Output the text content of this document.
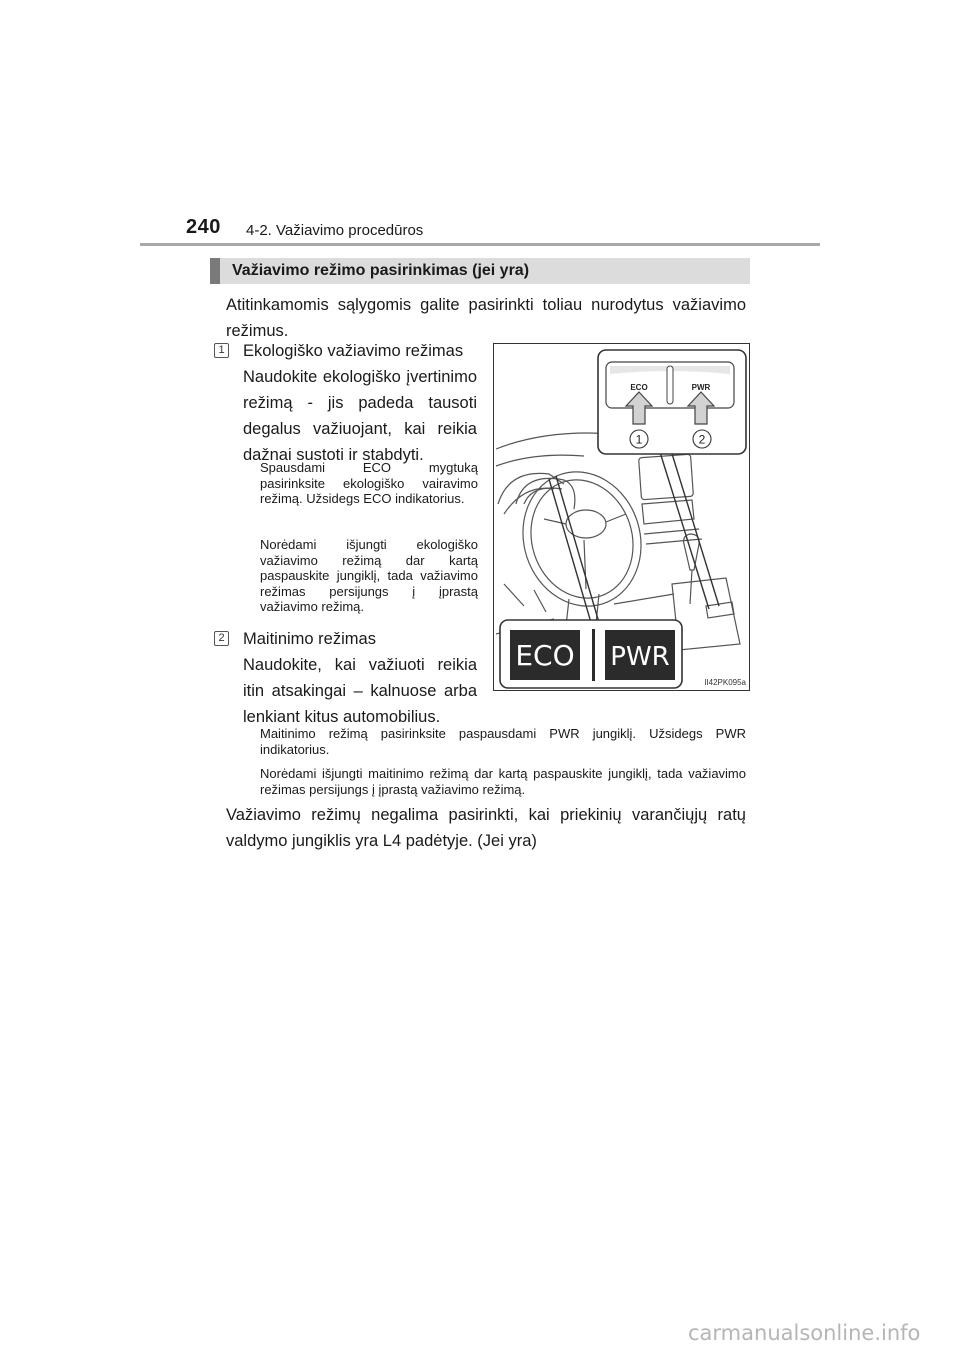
240 4-2. Važiavimo procedūros
Važiavimo režimo pasirinkimas (jei yra)
Atitinkamomis sąlygomis galite pasirinkti toliau nurodytus važiavimo režimus.
1 Ekologiško važiavimo režimas
Naudokite ekologiško įvertinimo režimą - jis padeda tausoti degalus važiuojant, kai reikia dažnai sustoti ir stabdyti.
Spausdami ECO mygtuką pasirinksite ekologiško vairavimo režimą. Užsidegs ECO indikatorius.
Norėdami išjungti ekologiško važiavimo režimą dar kartą paspauskite jungiklį, tada važiavimo režimas persijungs į įprastą važiavimo režimą.
2 Maitinimo režimas
Naudokite, kai važiuoti reikia itin atsakingai – kalnuose arba lenkiant kitus automobilius.
Maitinimo režimą pasirinksite paspausdami PWR jungiklį. Užsidegs PWR indikatorius.
Norėdami išjungti maitinimo režimą dar kartą paspauskite jungiklį, tada važiavimo režimas persijungs į įprastą važiavimo režimą.
Važiavimo režimų negalima pasirinkti, kai priekinių varančiųjų ratų valdymo jungiklis yra L4 padėtyje. (Jei yra)
ECO	PWR
1	2
ECO PWR
II42PK095a
carmanualsonline.info
